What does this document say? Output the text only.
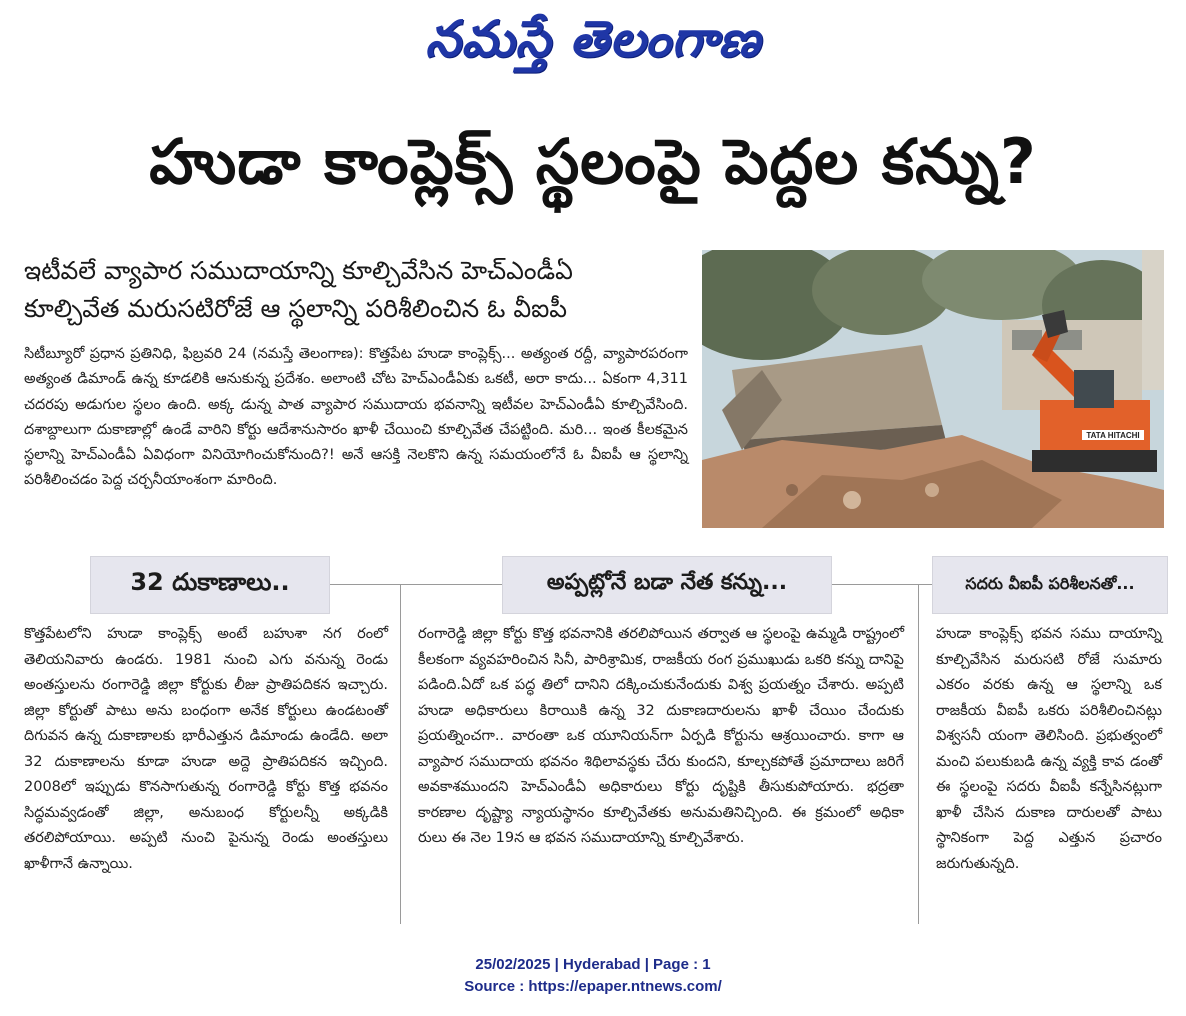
నమస్తే తెలంగాణ
హుడా కాంప్లెక్స్‌ స్థలంపై పెద్దల కన్ను?
ఇటీవలే వ్యాపార సముదాయాన్ని కూల్చివేసిన హెచ్‌ఎండీఏ
కూల్చివేత మరుసటిరోజే ఆ స్థలాన్ని పరిశీలించిన ఓ వీఐపీ
సిటీబ్యూరో ప్రధాన ప్రతినిధి, ఫిబ్రవరి 24 (నమస్తే తెలంగాణ): కొత్తపేట హుడా కాంప్లెక్స్‌... అత్యంత రద్దీ, వ్యాపారపరంగా అత్యంత డిమాండ్‌ ఉన్న కూడలికి ఆనుకున్న ప్రదేశం. అలాంటి చోట హెచ్‌ఎండీఏకు ఒకటీ, అరా కాదు... ఏకంగా 4,311 చదరపు అడుగుల స్థలం ఉంది. అక్క డున్న పాత వ్యాపార సముదాయ భవనాన్ని ఇటీవల హెచ్‌ఎండీఏ కూల్చివేసింది. దశాబ్దాలుగా దుకాణాల్లో ఉండే వారిని కోర్టు ఆదేశానుసారం ఖాళీ చేయించి కూల్చివేత చేపట్టింది. మరి... ఇంత కీలకమైన స్థలాన్ని హెచ్‌ఎండీఏ ఏవిధంగా వినియోగించుకోనుంది?! అనే ఆసక్తి నెలకొని ఉన్న సమయంలోనే ఓ వీఐపీ ఆ స్థలాన్ని పరిశీలించడం పెద్ద చర్చనీయాంశంగా మారింది.
TATA HITACHI
32 దుకాణాలు..	అప్పట్లోనే బడా నేత కన్ను...	సదరు వీఐపీ పరిశీలనతో...
కొత్తపేటలోని హుడా కాంప్లెక్స్‌ అంటే బహుశా నగ రంలో తెలియనివారు ఉండరు. 1981 నుంచి ఎగు వనున్న రెండు అంతస్తులను రంగారెడ్డి జిల్లా కోర్టుకు లీజు ప్రాతిపదికన ఇచ్చారు. జిల్లా కోర్టుతో పాటు అను బంధంగా అనేక కోర్టులు ఉండటంతో దిగువన ఉన్న దుకాణాలకు భారీఎత్తున డిమాండు ఉండేది. అలా 32 దుకాణాలను కూడా హుడా అద్దె ప్రాతిపదికన ఇచ్చింది. 2008లో ఇప్పుడు కొనసాగుతున్న రంగారెడ్డి కోర్టు కొత్త భవనం సిద్ధమవ్వడంతో జిల్లా, అనుబంధ కోర్టులన్నీ అక్కడికి తరలిపోయాయి. అప్పటి నుంచి పైనున్న రెండు అంతస్తులు ఖాళీగానే ఉన్నాయి.
రంగారెడ్డి జిల్లా కోర్టు కొత్త భవనానికి తరలిపోయిన తర్వాత ఆ స్థలంపై ఉమ్మడి రాష్ట్రంలో కీలకంగా వ్యవహరించిన సినీ, పారిశ్రామిక, రాజకీయ రంగ ప్రముఖుడు ఒకరి కన్ను దానిపై పడింది.ఏదో ఒక పద్ధ తిలో దానిని దక్కించుకునేందుకు విశ్వ ప్రయత్నం చేశారు. అప్పటి హుడా అధికారులు కిరాయికి ఉన్న 32 దుకాణదారులను ఖాళీ చేయిం చేందుకు ప్రయత్నించగా.. వారంతా ఒక యూనియన్‌గా ఏర్పడి కోర్టును ఆశ్రయించారు. కాగా ఆ వ్యాపార సముదాయ భవనం శిథిలావస్థకు చేరు కుందని, కూల్చకపోతే ప్రమాదాలు జరిగే అవకాశముందని హెచ్‌ఎండీఏ అధికారులు కోర్టు దృష్టికి తీసుకుపోయారు. భద్రతా కారణాల దృష్ట్యా న్యాయస్థానం కూల్చివేతకు అనుమతినిచ్చింది. ఈ క్రమంలో అధికా రులు ఈ నెల 19న ఆ భవన సముదాయాన్ని కూల్చివేశారు.
హుడా కాంప్లెక్స్‌ భవన సము దాయాన్ని కూల్చివేసిన మరుసటి రోజే సుమారు ఎకరం వరకు ఉన్న ఆ స్థలాన్ని ఒక రాజకీయ వీఐపీ ఒకరు పరిశీలించినట్లు విశ్వసనీ యంగా తెలిసింది. ప్రభుత్వంలో మంచి పలుకుబడి ఉన్న వ్యక్తి కావ డంతో ఈ స్థలంపై సదరు వీఐపీ కన్నేసినట్లుగా ఖాళీ చేసిన దుకాణ దారులతో పాటు స్థానికంగా పెద్ద ఎత్తున ప్రచారం జరుగుతున్నది.
25/02/2025 | Hyderabad | Page : 1
Source : https://epaper.ntnews.com/
